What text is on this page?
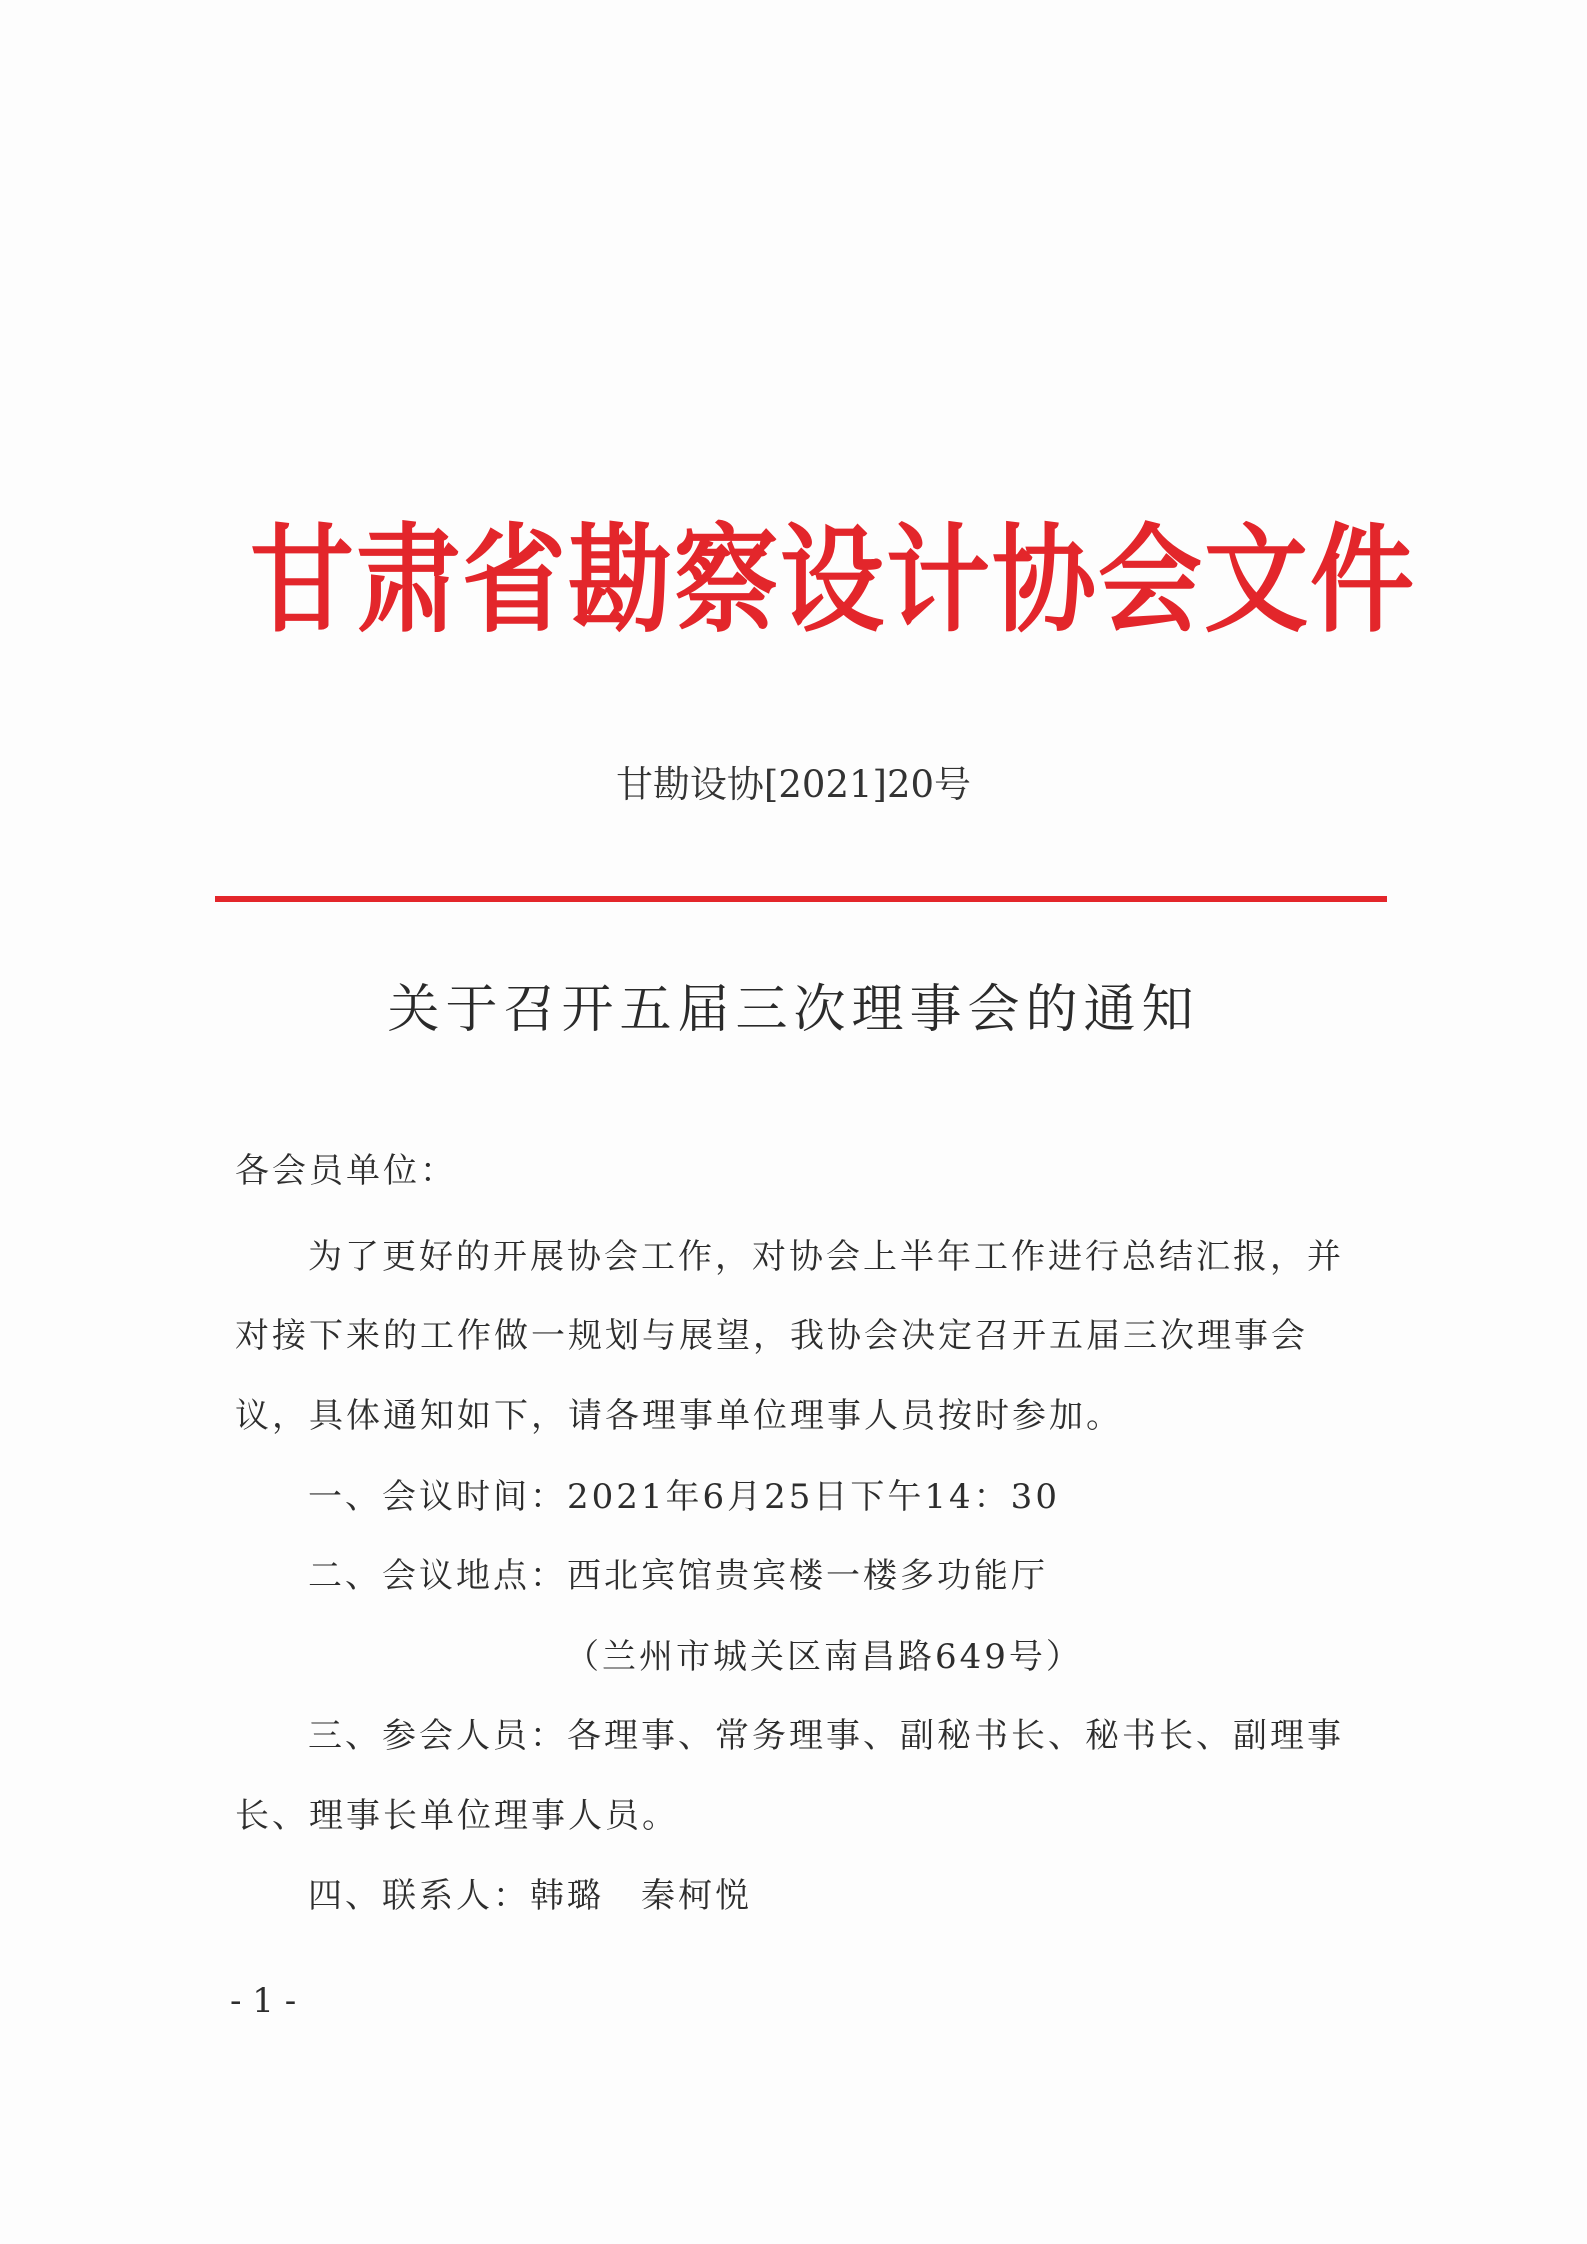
甘肃省勘察设计协会文件
甘勘设协[2021]20号
关于召开五届三次理事会的通知
各会员单位：
为了更好的开展协会工作，对协会上半年工作进行总结汇报，并
对接下来的工作做一规划与展望，我协会决定召开五届三次理事会
议，具体通知如下，请各理事单位理事人员按时参加。
一、会议时间：2021年6月25日下午14：30
二、会议地点：西北宾馆贵宾楼一楼多功能厅
（兰州市城关区南昌路649号）
三、参会人员：各理事、常务理事、副秘书长、秘书长、副理事
长、理事长单位理事人员。
四、联系人：韩璐　秦柯悦
- 1 -
